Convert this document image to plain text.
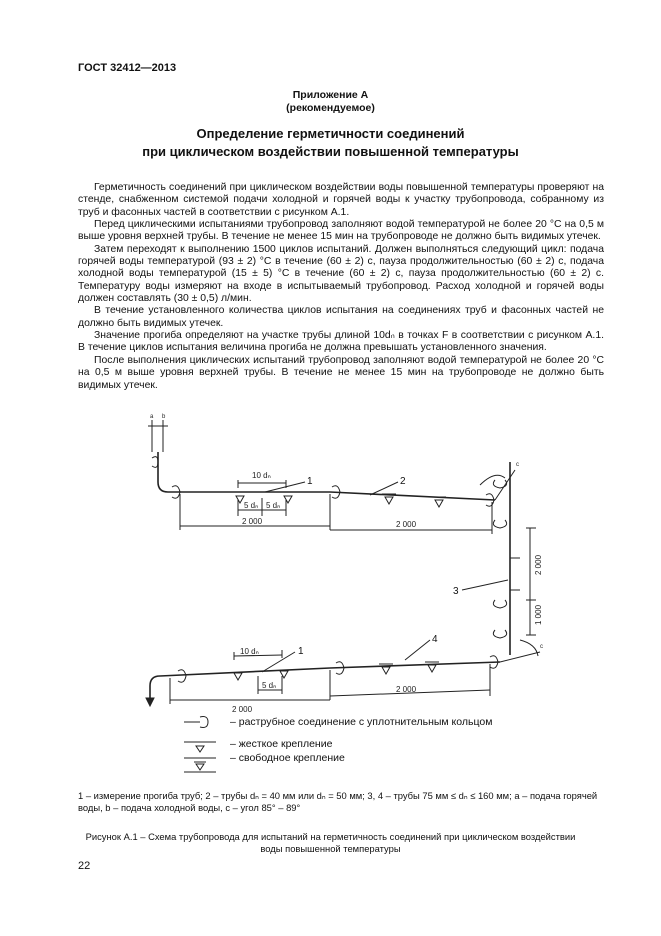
ГОСТ 32412—2013
Приложение А
(рекомендуемое)
Определение герметичности соединений
при циклическом воздействии повышенной температуры

Герметичность соединений при циклическом воздействии воды повышенной температуры проверяют на стенде, снабженном системой подачи холодной и горячей воды к участку трубопровода, собранному из труб и фасонных частей в соответствии с рисунком А.1.

Перед циклическими испытаниями трубопровод заполняют водой температурой не более 20 °С на 0,5 м выше уровня верхней трубы. В течение не менее 15 мин на трубопроводе не должно быть видимых утечек.

Затем переходят к выполнению 1500 циклов испытаний. Должен выполняться следующий цикл: подача горячей воды температурой (93 ± 2) °С в течение (60 ± 2) с, пауза продолжительностью (60 ± 2) с, подача холодной воды температурой (15 ± 5) °С в течение (60 ± 2) с, пауза продолжительностью (60 ± 2) с. Температуру воды измеряют на входе в испытываемый трубопровод. Расход холодной и горячей воды должен составлять (30 ± 0,5) л/мин.

В течение установленного количества циклов испытания на соединениях труб и фасонных частей не должно быть видимых утечек.

Значение прогиба определяют на участке трубы длиной 10dₙ в точках F в соответствии с рисунком А.1. В течение циклов испытания величина прогиба не должна превышать установленного значения.

После выполнения циклических испытаний трубопровод заполняют водой температурой не более 20 °С на 0,5 м выше уровня верхней трубы. В течение не менее 15 мин на трубопроводе не должно быть видимых утечек.

10 dₙ
5 dₙ 5 dₙ
10 dₙ
5 dₙ
2 000	2 000
2 000
2 000
2 000
1 000
a b
c
c
1	2
3
4
1
– раструбное соединение с уплотнительным кольцом
– жесткое крепление
– свободное крепление
1 – измерение прогиба труб; 2 – трубы dₙ = 40 мм или dₙ = 50 мм; 3, 4 – трубы 75 мм ≤ dₙ ≤ 160 мм; a – подача горячей воды, b – подача холодной воды, c – угол 85° – 89°
Рисунок А.1 – Схема трубопровода для испытаний на герметичность соединений при циклическом воздействии
воды повышенной температуры
22
